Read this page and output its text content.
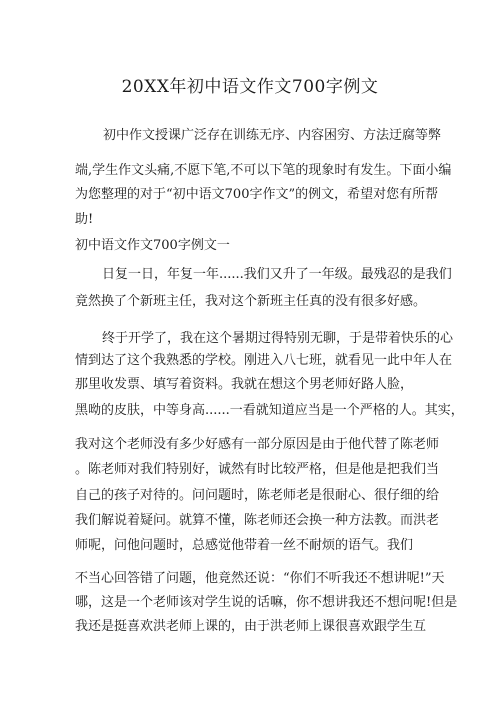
20XX年初中语文作文700字例文
初中作文授课广泛存在训练无序、内容困穷、方法迂腐等弊
端,学生作文头痛,不愿下笔,不可以下笔的现象时有发生。下面小编
为您整理的对于“初中语文700字作文”的例文，希望对您有所帮
助!
初中语文作文700字例文一
日复一日，年复一年......我们又升了一年级。最残忍的是我们
竟然换了个新班主任，我对这个新班主任真的没有很多好感。
终于开学了，我在这个暑期过得特别无聊，于是带着快乐的心
情到达了这个我熟悉的学校。刚进入八七班，就看见一此中年人在
那里收发票、填写着资料。我就在想这个男老师好路人脸，
黑呦的皮肤，中等身高......一看就知道应当是一个严格的人。其实，
我对这个老师没有多少好感有一部分原因是由于他代替了陈老师
。陈老师对我们特别好，诚然有时比较严格，但是他是把我们当
自己的孩子对待的。问问题时，陈老师老是很耐心、很仔细的给
我们解说着疑问。就算不懂，陈老师还会换一种方法教。而洪老
师呢，问他问题时，总感觉他带着一丝不耐烦的语气。我们
不当心回答错了问题，他竟然还说：“你们不听我还不想讲呢!”天
哪，这是一个老师该对学生说的话嘛，你不想讲我还不想问呢!但是
我还是挺喜欢洪老师上课的，由于洪老师上课很喜欢跟学生互
